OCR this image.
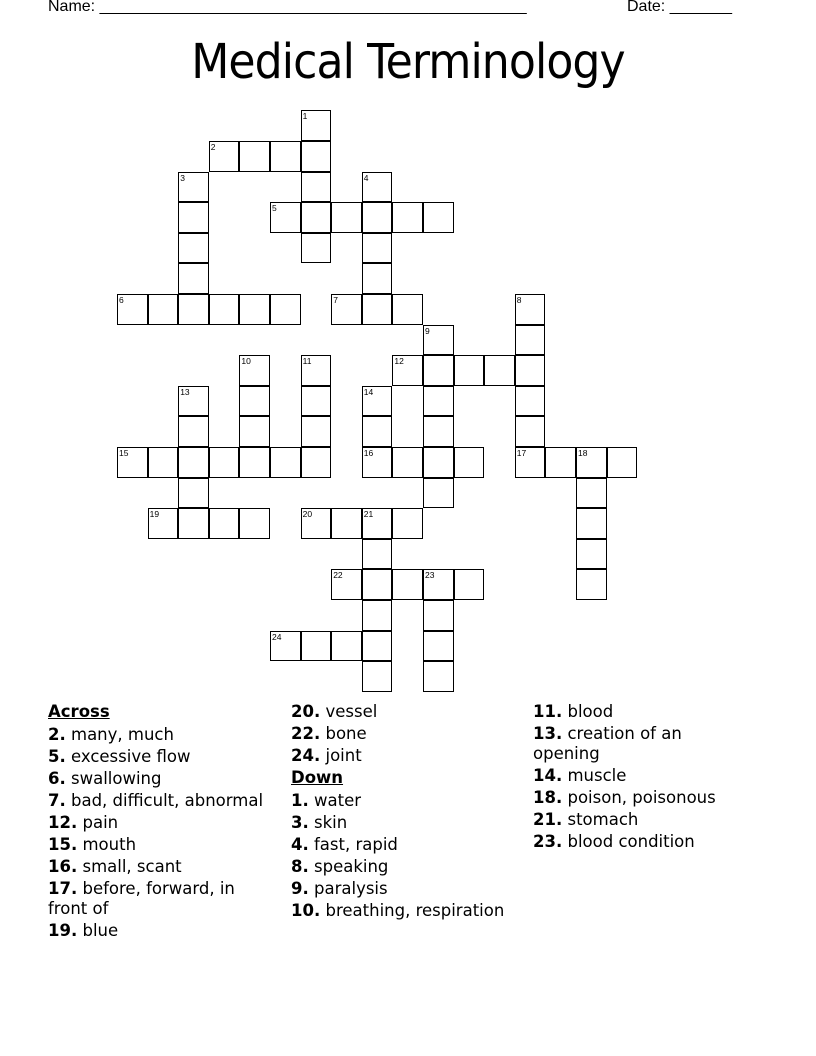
Name: ________________________________________________	Date: _______
Medical Terminology
1
2
3	4
5
6	7	8
17
9
10	11	12
13	14
16
15	18
19	20	21
22	23
24
Across
2. many, much
5. excessive flow
6. swallowing
7. bad, difficult, abnormal
12. pain
15. mouth
16. small, scant
17. before, forward, in front of
19. blue
20. vessel
22. bone
24. joint
Down
1. water
3. skin
4. fast, rapid
8. speaking
9. paralysis
10. breathing, respiration
11. blood
13. creation of an opening
14. muscle
18. poison, poisonous
21. stomach
23. blood condition
